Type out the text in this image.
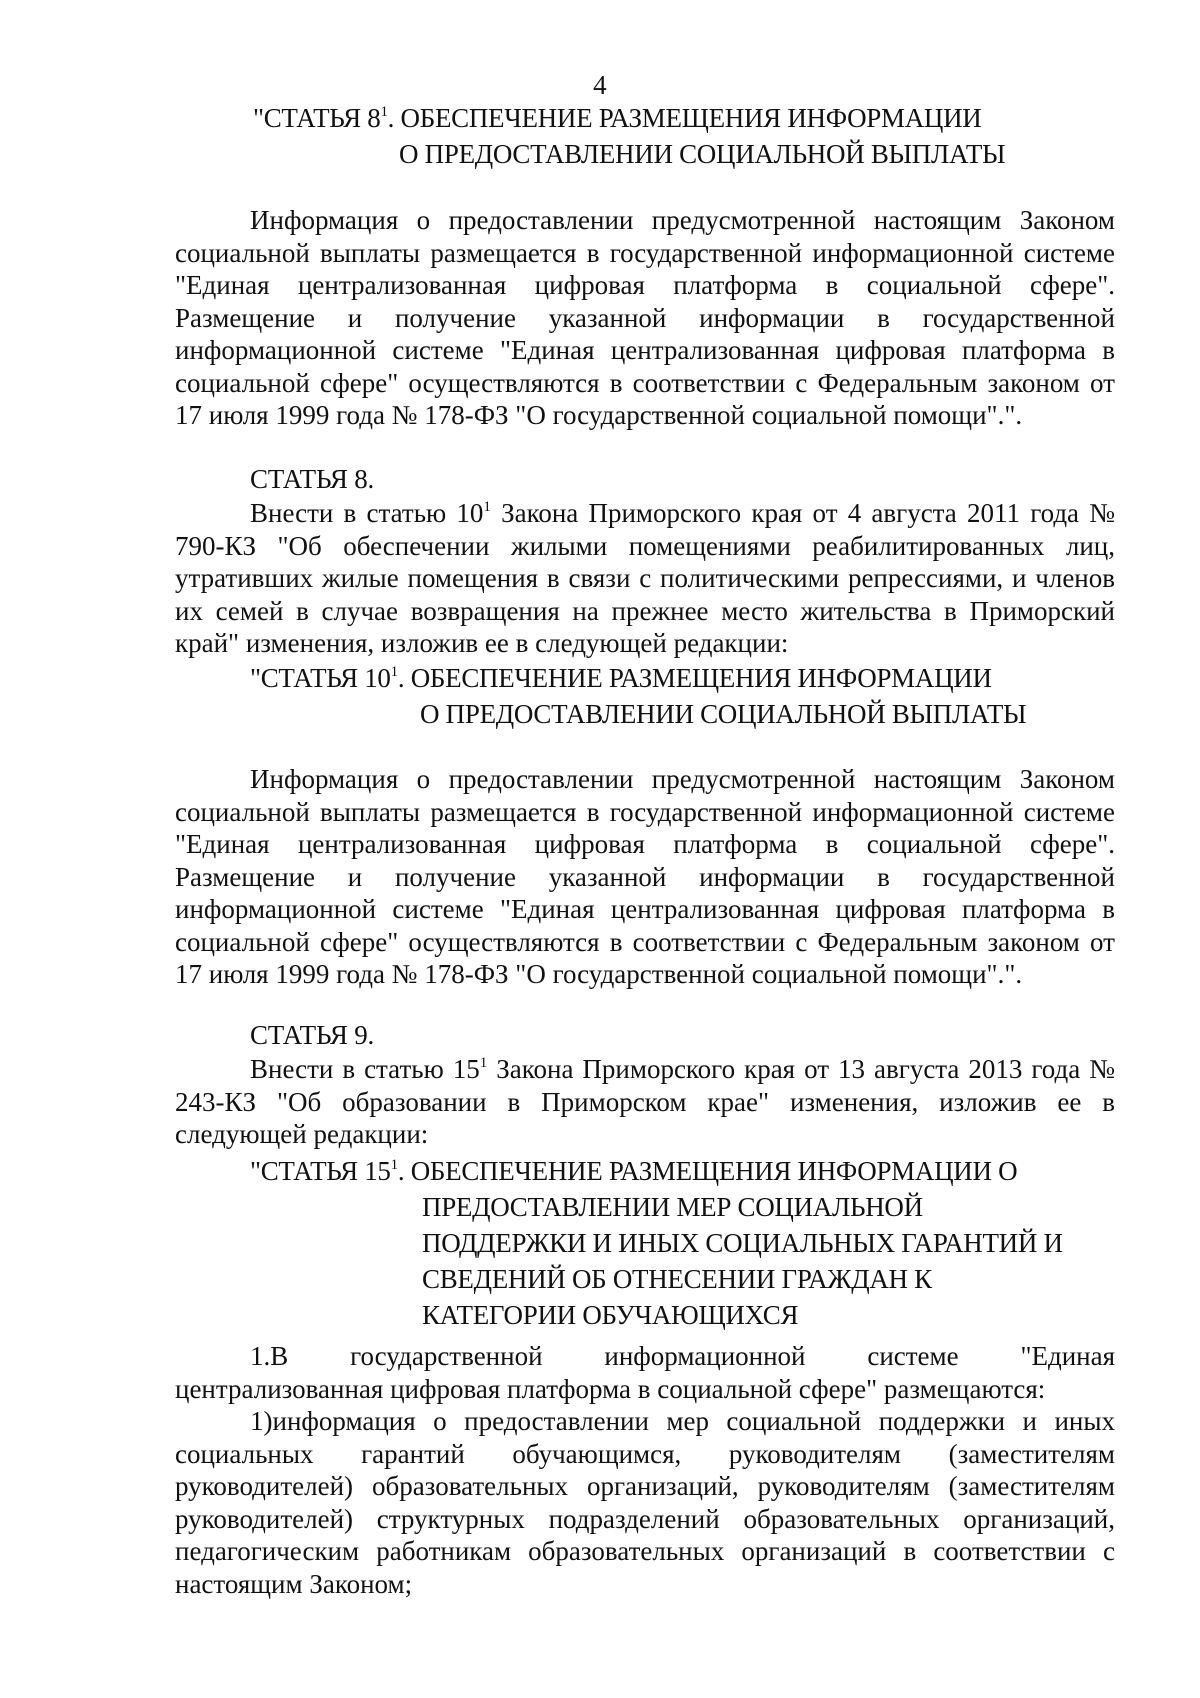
4
"СТАТЬЯ $8^1$. ОБЕСПЕЧЕНИЕ РАЗМЕЩЕНИЯ ИНФОРМАЦИИ
О ПРЕДОСТАВЛЕНИИ СОЦИАЛЬНОЙ ВЫПЛАТЫ

Информация о предоставлении предусмотренной настоящим Законом социальной выплаты размещается в государственной информационной системе "Единая централизованная цифровая платформа в социальной сфере". Размещение и получение указанной информации в государственной информационной системе "Единая централизованная цифровая платформа в социальной сфере" осуществляются в соответствии с Федеральным законом от 17 июля 1999 года № 178-ФЗ "О государственной социальной помощи".".

СТАТЬЯ 8.

Внести в статью $10^1$ Закона Приморского края от 4 августа 2011 года № 790-КЗ "Об обеспечении жилыми помещениями реабилитированных лиц, утративших жилые помещения в связи с политическими репрессиями, и членов их семей в случае возвращения на прежнее место жительства в Приморский край" изменения, изложив ее в следующей редакции:

"СТАТЬЯ $10^1$. ОБЕСПЕЧЕНИЕ РАЗМЕЩЕНИЯ ИНФОРМАЦИИ
О ПРЕДОСТАВЛЕНИИ СОЦИАЛЬНОЙ ВЫПЛАТЫ

Информация о предоставлении предусмотренной настоящим Законом социальной выплаты размещается в государственной информационной системе "Единая централизованная цифровая платформа в социальной сфере". Размещение и получение указанной информации в государственной информационной системе "Единая централизованная цифровая платформа в социальной сфере" осуществляются в соответствии с Федеральным законом от 17 июля 1999 года № 178-ФЗ "О государственной социальной помощи".".

СТАТЬЯ 9.

Внести в статью $15^1$ Закона Приморского края от 13 августа 2013 года № 243-КЗ "Об образовании в Приморском крае" изменения, изложив ее в следующей редакции:

"СТАТЬЯ $15^1$. ОБЕСПЕЧЕНИЕ РАЗМЕЩЕНИЯ ИНФОРМАЦИИ О
ПРЕДОСТАВЛЕНИИ МЕР СОЦИАЛЬНОЙ
ПОДДЕРЖКИ И ИНЫХ СОЦИАЛЬНЫХ ГАРАНТИЙ И
СВЕДЕНИЙ ОБ ОТНЕСЕНИИ ГРАЖДАН К
КАТЕГОРИИ ОБУЧАЮЩИХСЯ

1.В государственной информационной системе "Единая

централизованная цифровая платформа в социальной сфере" размещаются:

1)информация о предоставлении мер социальной поддержки и иных социальных гарантий обучающимся, руководителям (заместителям руководителей) образовательных организаций, руководителям (заместителям руководителей) структурных подразделений образовательных организаций, педагогическим работникам образовательных организаций в соответствии с настоящим Законом;
